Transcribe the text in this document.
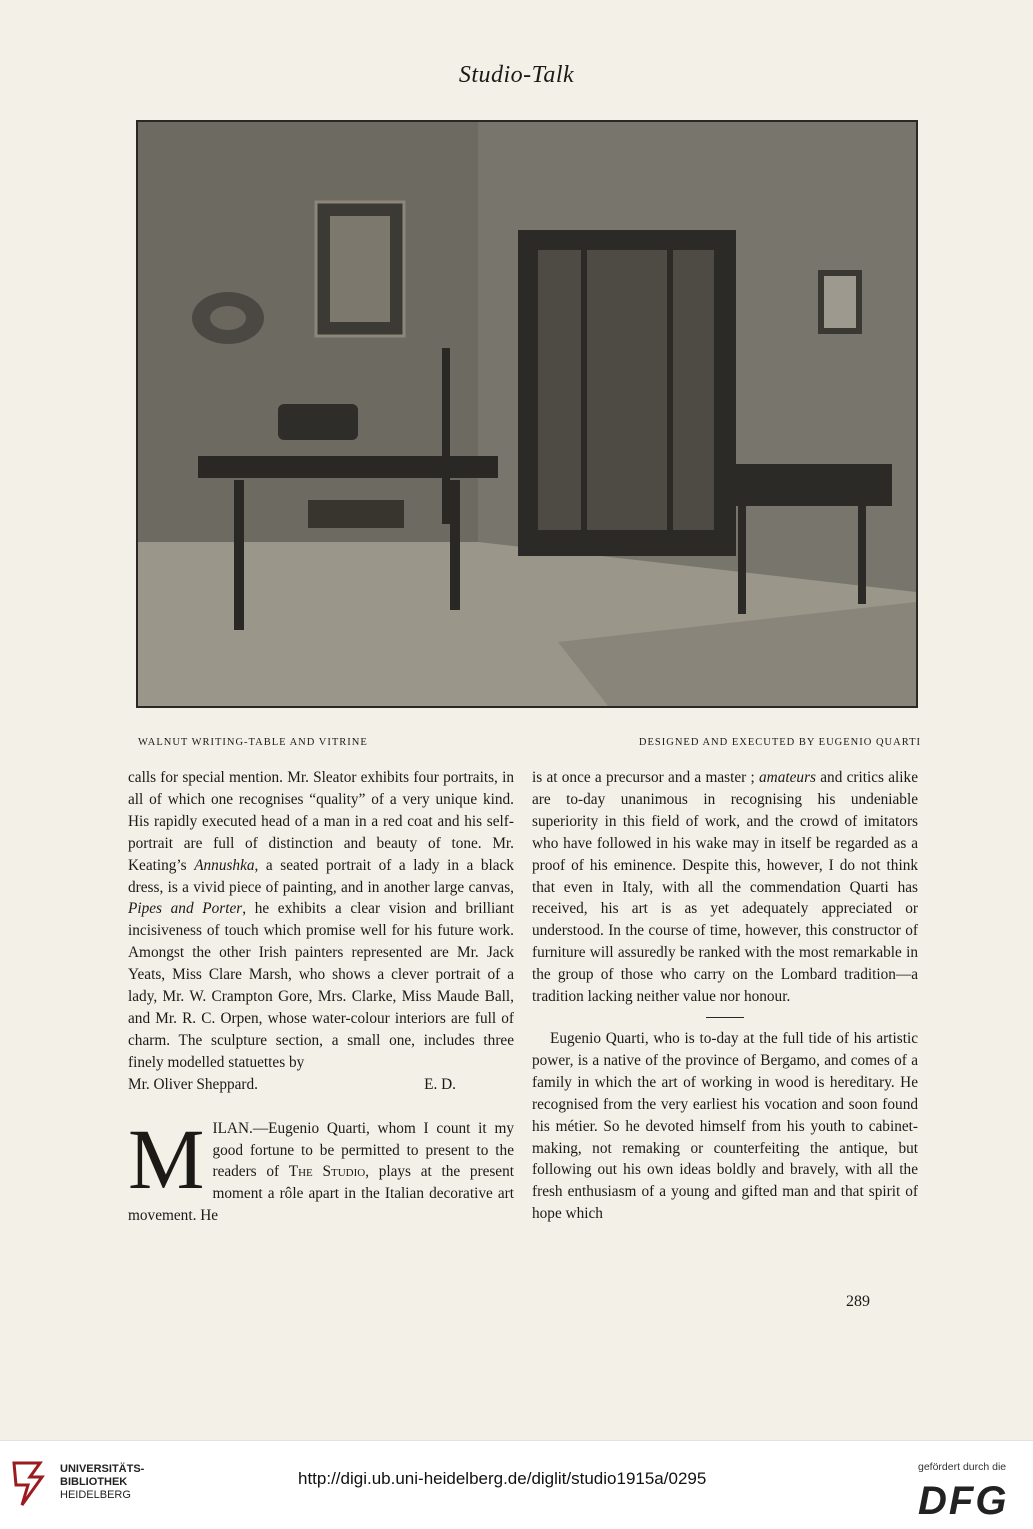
Studio-Talk
WALNUT WRITING-TABLE AND VITRINE	DESIGNED AND EXECUTED BY EUGENIO QUARTI

calls for special mention. Mr. Sleator exhibits four portraits, in all of which one recognises “quality” of a very unique kind. His rapidly executed head of a man in a red coat and his self-portrait are full of distinction and beauty of tone. Mr. Keating’s Annushka, a seated portrait of a lady in a black dress, is a vivid piece of painting, and in another large canvas, Pipes and Porter, he exhibits a clear vision and brilliant incisiveness of touch which promise well for his future work. Amongst the other Irish painters represented are Mr. Jack Yeats, Miss Clare Marsh, who shows a clever portrait of a lady, Mr. W. Crampton Gore, Mrs. Clarke, Miss Maude Ball, and Mr. R. C. Orpen, whose water-colour interiors are full of charm. The sculpture section, a small one, includes three finely modelled statuettes by

Mr. Oliver Sheppard.	E. D.

MILAN.—Eugenio Quarti, whom I count it my good fortune to be permitted to present to the readers of The Studio, plays at the present moment a rôle apart in the Italian decorative art movement. He

is at once a precursor and a master ; amateurs and critics alike are to-day unanimous in recognising his undeniable superiority in this field of work, and the crowd of imitators who have followed in his wake may in itself be regarded as a proof of his eminence. Despite this, however, I do not think that even in Italy, with all the commendation Quarti has received, his art is as yet adequately appreciated or understood. In the course of time, however, this constructor of furniture will assuredly be ranked with the most remarkable in the group of those who carry on the Lombard tradition—a tradition lacking neither value nor honour.

Eugenio Quarti, who is to-day at the full tide of his artistic power, is a native of the province of Bergamo, and comes of a family in which the art of working in wood is hereditary. He recognised from the very earliest his vocation and soon found his métier. So he devoted himself from his youth to cabinet-making, not remaking or counterfeiting the antique, but following out his own ideas boldly and bravely, with all the fresh enthusiasm of a young and gifted man and that spirit of hope which

289
UNIVERSITÄTS-
BIBLIOTHEK
HEIDELBERG
http://digi.ub.uni-heidelberg.de/diglit/studio1915a/0295
gefördert durch die
DFG
